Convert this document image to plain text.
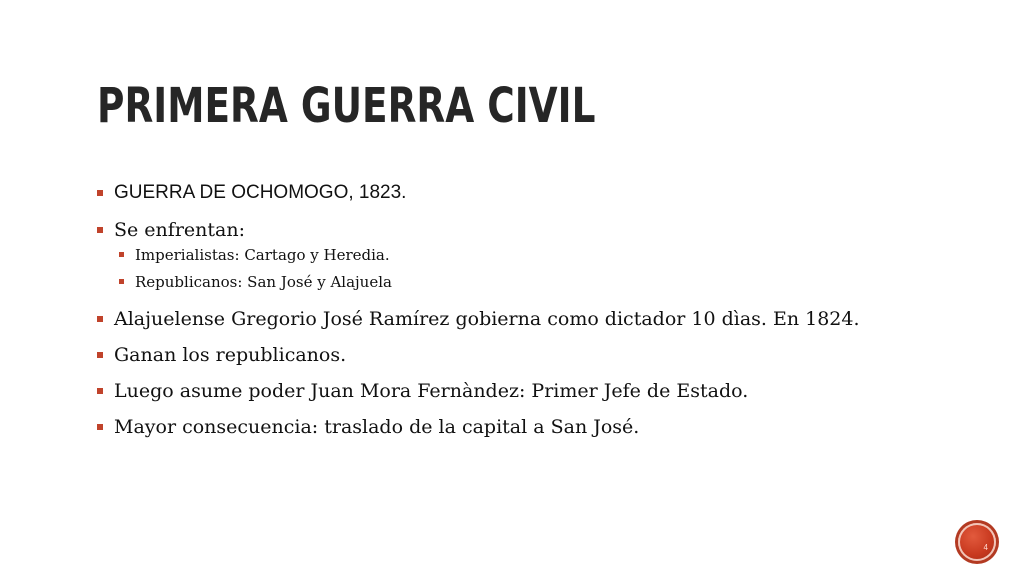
PRIMERA GUERRA CIVIL
GUERRA DE OCHOMOGO, 1823.
Se enfrentan:
Imperialistas: Cartago y Heredia.
Republicanos: San José y Alajuela
Alajuelense Gregorio José Ramírez gobierna como dictador 10 dìas. En 1824.
Ganan los republicanos.
Luego asume poder Juan Mora Fernàndez: Primer Jefe de Estado.
Mayor consecuencia: traslado de la capital a San José.
4
